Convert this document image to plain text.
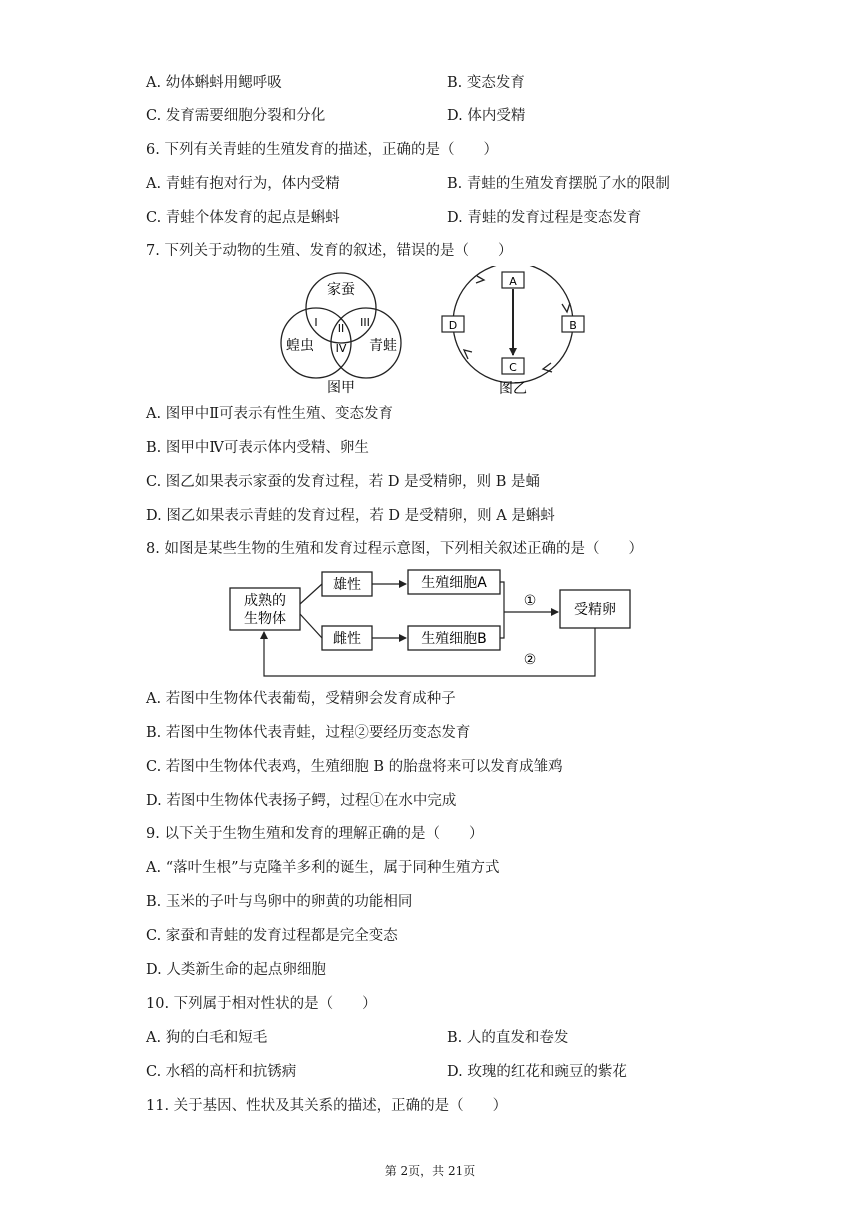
A. 幼体蝌蚪用鳃呼吸	B. 变态发育
C. 发育需要细胞分裂和分化	D. 体内受精
6. 下列有关青蛙的生殖发育的描述，正确的是（　　）
A. 青蛙有抱对行为，体内受精	B. 青蛙的生殖发育摆脱了水的限制
C. 青蛙个体发育的起点是蝌蚪	D. 青蛙的发育过程是变态发育
7. 下列关于动物的生殖、发育的叙述，错误的是（　　）
家蚕
蝗虫	青蛙
I II III
IV
图甲
A
B
C
D
图乙
A. 图甲中Ⅱ可表示有性生殖、变态发育
B. 图甲中Ⅳ可表示体内受精、卵生
C. 图乙如果表示家蚕的发育过程，若 D 是受精卵，则 B 是蛹
D. 图乙如果表示青蛙的发育过程，若 D 是受精卵，则 A 是蝌蚪
8. 如图是某些生物的生殖和发育过程示意图，下列相关叙述正确的是（　　）
成熟的
生物体
雄性
雌性
生殖细胞A
生殖细胞B
受精卵
①
②
A. 若图中生物体代表葡萄，受精卵会发育成种子
B. 若图中生物体代表青蛙，过程②要经历变态发育
C. 若图中生物体代表鸡，生殖细胞 B 的胎盘将来可以发育成雏鸡
D. 若图中生物体代表扬子鳄，过程①在水中完成
9. 以下关于生物生殖和发育的理解正确的是（　　）
A. “落叶生根”与克隆羊多利的诞生，属于同种生殖方式
B. 玉米的子叶与鸟卵中的卵黄的功能相同
C. 家蚕和青蛙的发育过程都是完全变态
D. 人类新生命的起点卵细胞
10. 下列属于相对性状的是（　　）
A. 狗的白毛和短毛	B. 人的直发和卷发
C. 水稻的高杆和抗锈病	D. 玫瑰的红花和豌豆的紫花
11. 关于基因、性状及其关系的描述，正确的是（　　）
第 2页，共 21页
